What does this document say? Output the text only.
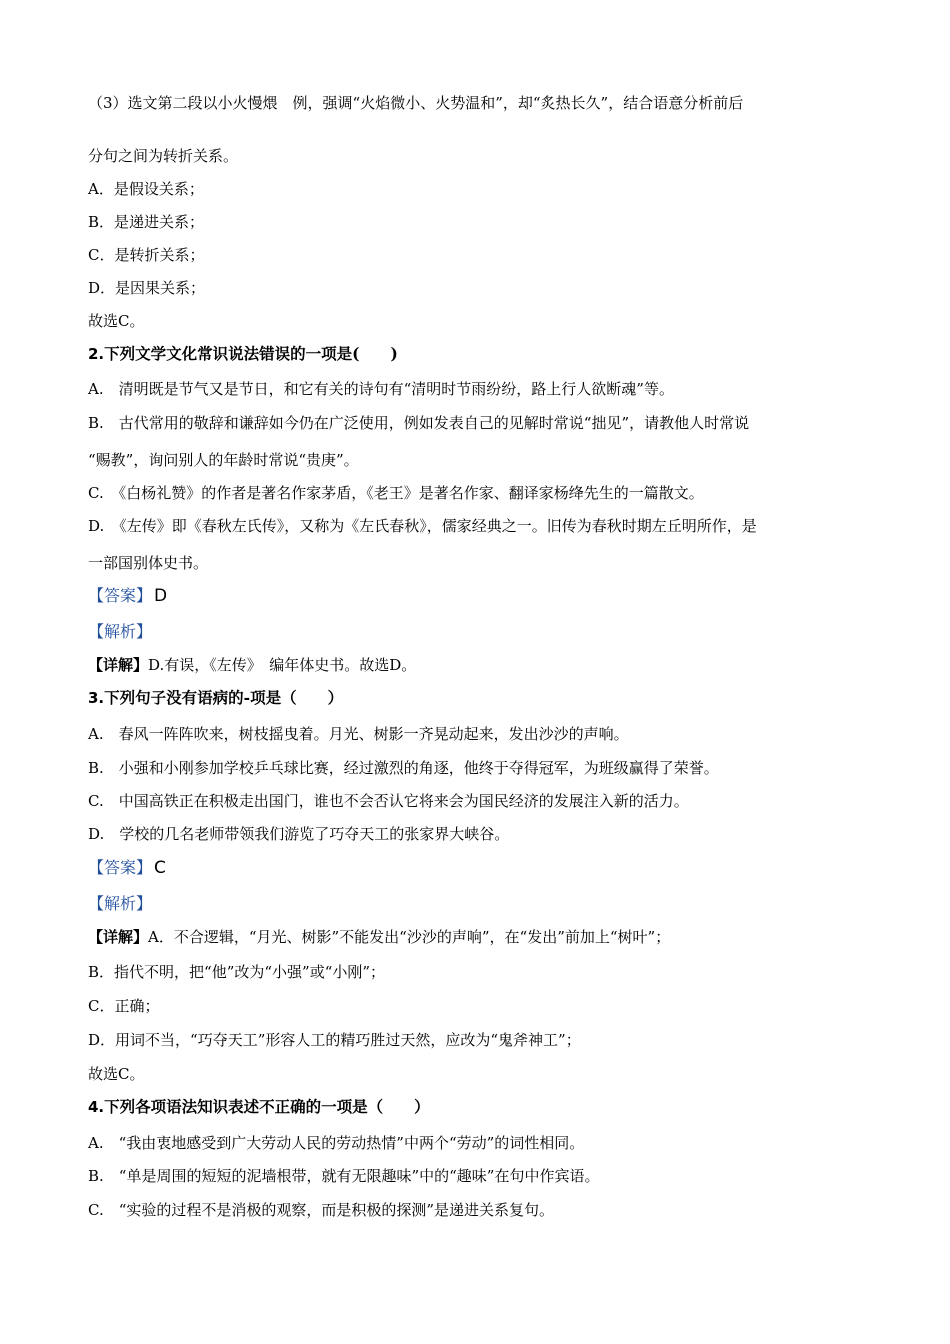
（3）选文第二段以小火慢煨　例，强调“火焰微小、火势温和”，却“炙热长久”，结合语意分析前后
分句之间为转折关系。
A．是假设关系；
B．是递进关系；
C．是转折关系；
D．是因果关系；
故选C。
2.下列文学文化常识说法错误的一项是(　　)
A.　清明既是节气又是节日，和它有关的诗句有“清明时节雨纷纷，路上行人欲断魂”等。
B.　古代常用的敬辞和谦辞如今仍在广泛使用，例如发表自己的见解时常说“拙见”，请教他人时常说
“赐教”，询问别人的年龄时常说“贵庚”。
C.　《白杨礼赞》的作者是著名作家茅盾，《老王》是著名作家、翻译家杨绛先生的一篇散文。
D.　《左传》即《春秋左氏传》，又称为《左氏春秋》，儒家经典之一。旧传为春秋时期左丘明所作，是
一部国别体史书。
【答案】 D
【解析】
【详解】D.有误，《左传》　编年体史书。故选D。
3.下列句子没有语病的-项是（　　）
A.　春风一阵阵吹来，树枝摇曳着。月光、树影一齐晃动起来，发出沙沙的声响。
B.　小强和小刚参加学校乒乓球比赛，经过激烈的角逐，他终于夺得冠军，为班级赢得了荣誉。
C.　中国高铁正在积极走出国门，谁也不会否认它将来会为国民经济的发展注入新的活力。
D.　学校的几名老师带领我们游览了巧夺天工的张家界大峡谷。
【答案】 C
【解析】
【详解】A．不合逻辑，“月光、树影”不能发出“沙沙的声响”，在“发出”前加上“树叶”；
B．指代不明，把“他”改为“小强”或“小刚”；
C．正确；
D．用词不当，“巧夺天工”形容人工的精巧胜过天然，应改为“鬼斧神工”；
故选C。
4.下列各项语法知识表述不正确的一项是（　　）
A.　“我由衷地感受到广大劳动人民的劳动热情”中两个“劳动”的词性相同。
B.　“单是周围的短短的泥墙根带，就有无限趣味”中的“趣味”在句中作宾语。
C.　“实验的过程不是消极的观察，而是积极的探测”是递进关系复句。
